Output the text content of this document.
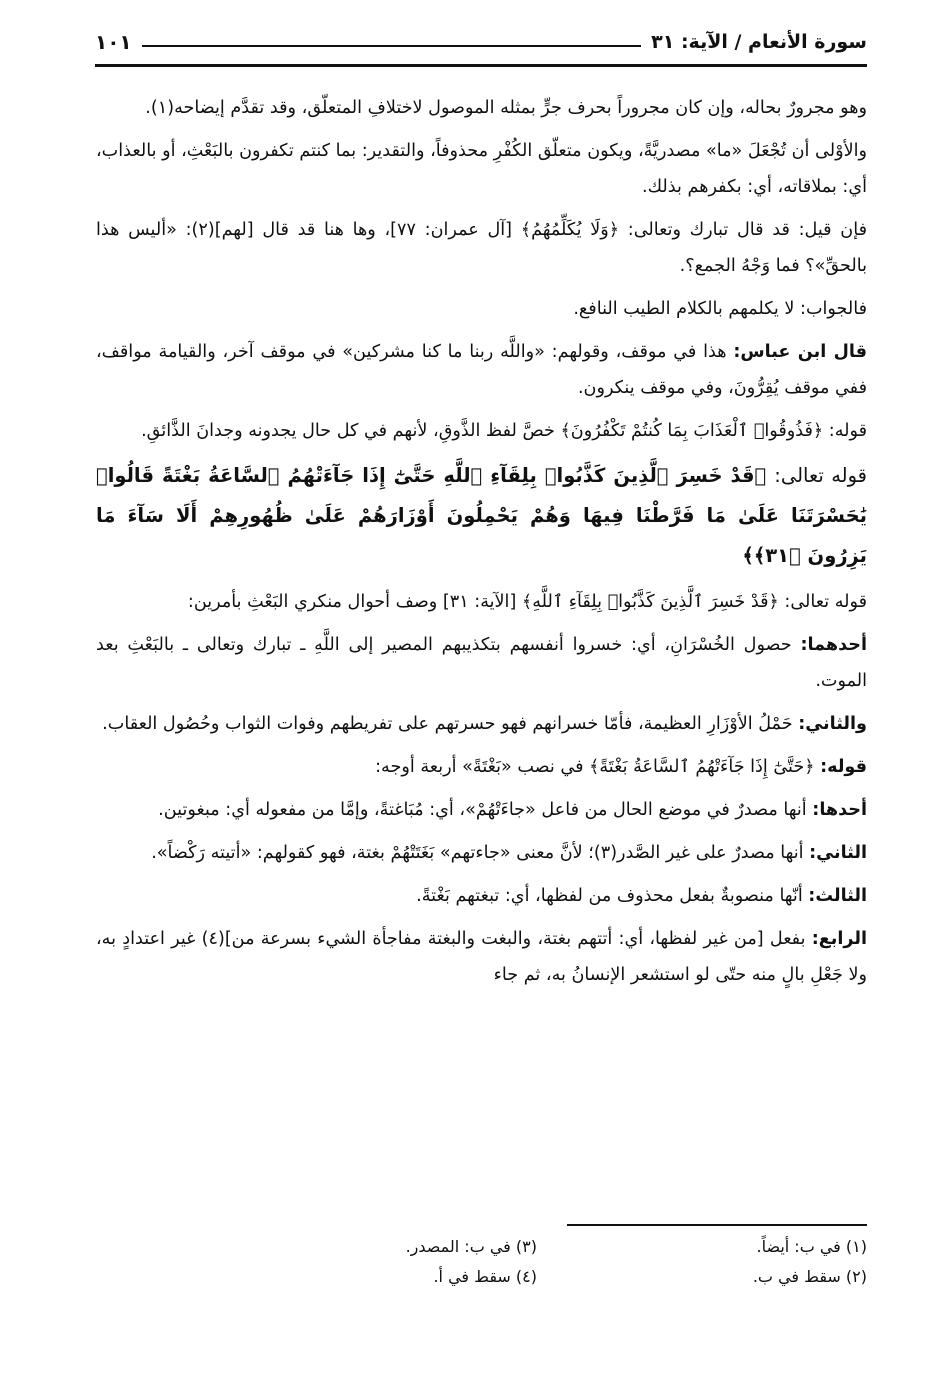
سورة الأنعام / الآية: ٣١
١٠١

وهو مجرورٌ بحاله، وإن كان مجروراً بحرف جرٍّ بمثله الموصول لاختلافِ المتعلّق، وقد تقدَّم إيضاحه(١).

والأوْلى أن تُجْعَلَ «ما» مصدريَّةً، ويكون متعلّق الكُفْرِ محذوفاً، والتقدير: بما كنتم تكفرون بالبَعْثِ، أو بالعذاب، أي: بملاقاته، أي: بكفرهم بذلك.

فإن قيل: قد قال تبارك وتعالى: ﴿وَلَا يُكَلِّمُهُمُ﴾ [آل عمران: ٧٧]، وها هنا قد قال [لهم](٢): «أليس هذا بالحقِّ»؟ فما وَجْهُ الجمع؟.

فالجواب: لا يكلمهم بالكلام الطيب النافع.

قال ابن عباس: هذا في موقف، وقولهم: «واللَّه ربنا ما كنا مشركين» في موقف آخر، والقيامة مواقف، ففي موقف يُقِرُّونَ، وفي موقف ينكرون.

قوله: ﴿فَذُوقُوا۟ ٱلْعَذَابَ بِمَا كُنتُمْ تَكْفُرُونَ﴾ خصَّ لفظ الذَّوقِ، لأنهم في كل حال يجدونه وجدانَ الذَّائقِ.

قوله تعالى: ﴿قَدْ خَسِرَ ٱلَّذِينَ كَذَّبُوا۟ بِلِقَآءِ ٱللَّهِ حَتَّىٰٓ إِذَا جَآءَتْهُمُ ٱلسَّاعَةُ بَغْتَةً قَالُوا۟ يَٰحَسْرَتَنَا عَلَىٰ مَا فَرَّطْنَا فِيهَا وَهُمْ يَحْمِلُونَ أَوْزَارَهُمْ عَلَىٰ ظُهُورِهِمْ أَلَا سَآءَ مَا يَزِرُونَ ﴿٣١﴾﴾

قوله تعالى: ﴿قَدْ خَسِرَ ٱلَّذِينَ كَذَّبُوا۟ بِلِقَآءِ ٱللَّهِ﴾ [الآية: ٣١] وصف أحوال منكري البَعْثِ بأمرين:

أحدهما: حصول الخُسْرَانِ، أي: خسروا أنفسهم بتكذيبهم المصير إلى اللَّهِ ـ تبارك وتعالى ـ بالبَعْثِ بعد الموت.

والثاني: حَمْلُ الأوْزَارِ العظيمة، فأمّا خسرانهم فهو حسرتهم على تفريطهم وفوات الثواب وحُصُول العقاب.

قوله: ﴿حَتَّىٰٓ إِذَا جَآءَتْهُمُ ٱلسَّاعَةُ بَغْتَةً﴾ في نصب «بَغْتَةً» أربعة أوجه:

أحدها: أنها مصدرٌ في موضع الحال من فاعل «جاءَتْهُمْ»، أي: مُبَاغتةً، وإمَّا من مفعوله أي: مبغوتين.

الثاني: أنها مصدرٌ على غير الصَّدر(٣)؛ لأنَّ معنى «جاءتهم» بَغَتَتْهُمْ بغتة، فهو كقولهم: «أتيته رَكْضاً».

الثالث: أنّها منصوبةٌ بفعل محذوف من لفظها، أي: تبغتهم بَغْتةً.

الرابع: بفعل [من غير لفظها، أي: أتتهم بغتة، والبغت والبغتة مفاجأة الشيء بسرعة من](٤) غير اعتدادٍ به، ولا جَعْلِ بالٍ منه حتّى لو استشعر الإنسانُ به، ثم جاء

(١) في ب: أيضاً.
(٢) سقط في ب.
(٣) في ب: المصدر.
(٤) سقط في أ.
